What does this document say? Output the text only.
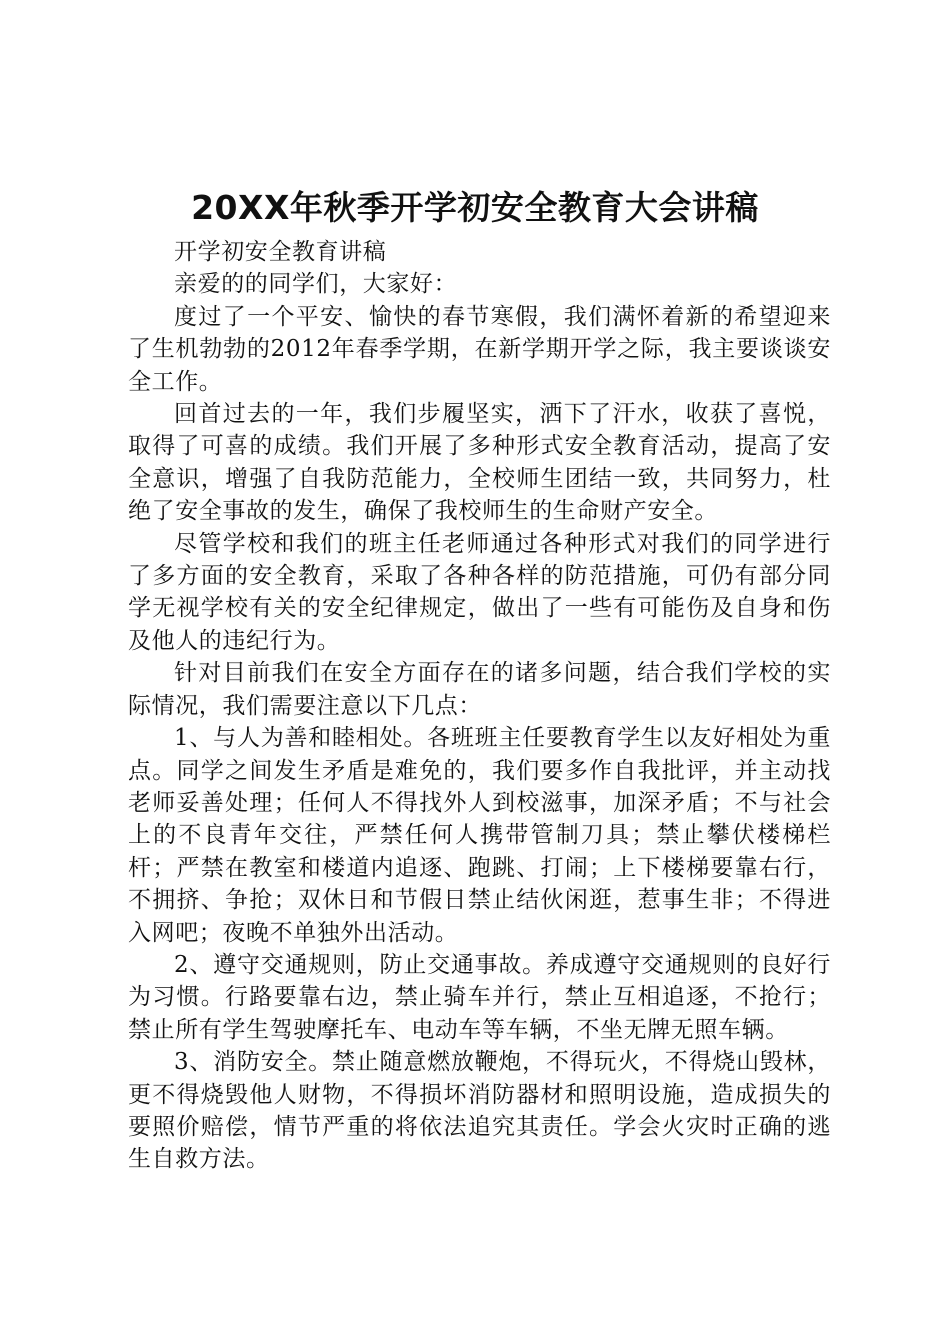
20XX年秋季开学初安全教育大会讲稿

开学初安全教育讲稿

亲爱的的同学们，大家好：

度过了一个平安、愉快的春节寒假，我们满怀着新的希望迎来了生机勃勃的2012年春季学期，在新学期开学之际，我主要谈谈安全工作。

回首过去的一年，我们步履坚实，洒下了汗水，收获了喜悦，取得了可喜的成绩。我们开展了多种形式安全教育活动，提高了安全意识，增强了自我防范能力，全校师生团结一致，共同努力，杜绝了安全事故的发生，确保了我校师生的生命财产安全。

尽管学校和我们的班主任老师通过各种形式对我们的同学进行了多方面的安全教育，采取了各种各样的防范措施，可仍有部分同学无视学校有关的安全纪律规定，做出了一些有可能伤及自身和伤及他人的违纪行为。

针对目前我们在安全方面存在的诸多问题，结合我们学校的实际情况，我们需要注意以下几点：

1、与人为善和睦相处。各班班主任要教育学生以友好相处为重点。同学之间发生矛盾是难免的，我们要多作自我批评，并主动找老师妥善处理；任何人不得找外人到校滋事，加深矛盾；不与社会上的不良青年交往，严禁任何人携带管制刀具；禁止攀伏楼梯栏杆；严禁在教室和楼道内追逐、跑跳、打闹；上下楼梯要靠右行，不拥挤、争抢；双休日和节假日禁止结伙闲逛，惹事生非；不得进入网吧；夜晚不单独外出活动。

2、遵守交通规则，防止交通事故。养成遵守交通规则的良好行为习惯。行路要靠右边，禁止骑车并行，禁止互相追逐，不抢行；禁止所有学生驾驶摩托车、电动车等车辆，不坐无牌无照车辆。

3、消防安全。禁止随意燃放鞭炮，不得玩火，不得烧山毁林，更不得烧毁他人财物，不得损坏消防器材和照明设施，造成损失的要照价赔偿，情节严重的将依法追究其责任。学会火灾时正确的逃生自救方法。
